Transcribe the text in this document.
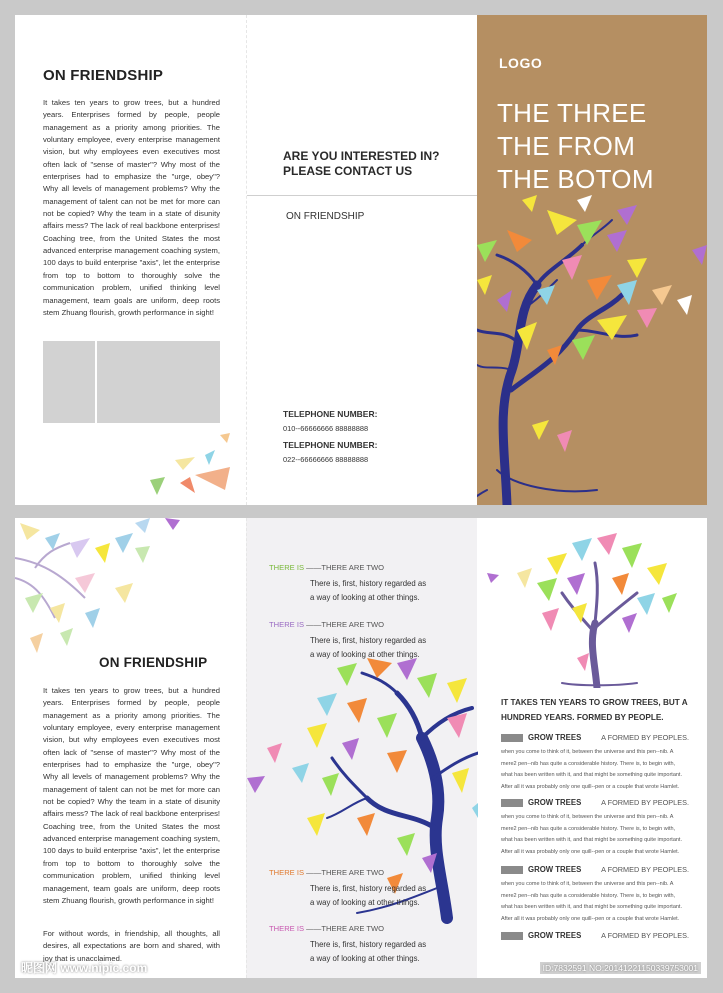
ON FRIENDSHIP
It takes ten years to grow trees, but a hundred years. Enterprises formed by people, people management as a priority among priorities. The voluntary employee, every enterprise management vision, but why employees even executives most often lack of "sense of master"? Why most of the enterprises had to emphasize the "urge, obey"? Why all levels of management problems? Why the management of talent can not be met for more can not be copied? Why the team in a state of disunity affairs mess? The lack of real backbone enterprises! Coaching tree, from the United States the most advanced enterprise management coaching system, 100 days to build enterprise "axis", let the enterprise from top to bottom to thoroughly solve the communication problem, unified thinking level management, team goals are uniform, deep roots stem Zhuang flourish, growth performance in sight!
ARE YOU INTERESTED IN?
PLEASE CONTACT US
ON FRIENDSHIP
TELEPHONE NUMBER:
010--66666666 88888888
TELEPHONE NUMBER:
022--66666666 88888888
LOGO
THE THREE
THE FROM
THE BOTOM
ON FRIENDSHIP
It takes ten years to grow trees, but a hundred years. Enterprises formed by people, people management as a priority among priorities. The voluntary employee, every enterprise management vision, but why employees even executives most often lack of "sense of master"? Why most of the enterprises had to emphasize the "urge, obey"? Why all levels of management problems? Why the management of talent can not be met for more can not be copied? Why the team in a state of disunity affairs mess? The lack of real backbone enterprises! Coaching tree, from the United States the most advanced enterprise management coaching system, 100 days to build enterprise "axis", let the enterprise from top to bottom to thoroughly solve the communication problem, unified thinking level management, team goals are uniform, deep roots stem Zhuang flourish, growth performance in sight!
For without words, in friendship, all thoughts, all desires, all expectations are born and shared, with joy that is unacclaimed.
昵图网 www.nipic.com
THERE IS ——THERE ARE TWO
There is, first, history regarded as
a way of looking at other things.
THERE IS ——THERE ARE TWO
There is, first, history regarded as
a way of looking at other things.
THERE IS ——THERE ARE TWO
There is, first, history regarded as
a way of looking at other things.
THERE IS ——THERE ARE TWO
There is, first, history regarded as
a way of looking at other things.
IT TAKES TEN YEARS TO GROW TREES, BUT A HUNDRED YEARS. FORMED BY PEOPLE.
GROW TREES	A FORMED BY PEOPLES.
when you come to think of it, between the universe and this pen--nib. A mere2 pen--nib has quite a considerable history. There is, to begin with, what has been written with it, and that might be something quite important. After all it was probably only one quill--pen or a couple that wrote Hamlet.
GROW TREES	A FORMED BY PEOPLES.
when you come to think of it, between the universe and this pen--nib. A mere2 pen--nib has quite a considerable history. There is, to begin with, what has been written with it, and that might be something quite important. After all it was probably only one quill--pen or a couple that wrote Hamlet.
GROW TREES	A FORMED BY PEOPLES.
when you come to think of it, between the universe and this pen--nib. A mere2 pen--nib has quite a considerable history. There is, to begin with, what has been written with it, and that might be something quite important. After all it was probably only one quill--pen or a couple that wrote Hamlet.
GROW TREES	A FORMED BY PEOPLES.
ID:7832591 NO:20141221150339753001
